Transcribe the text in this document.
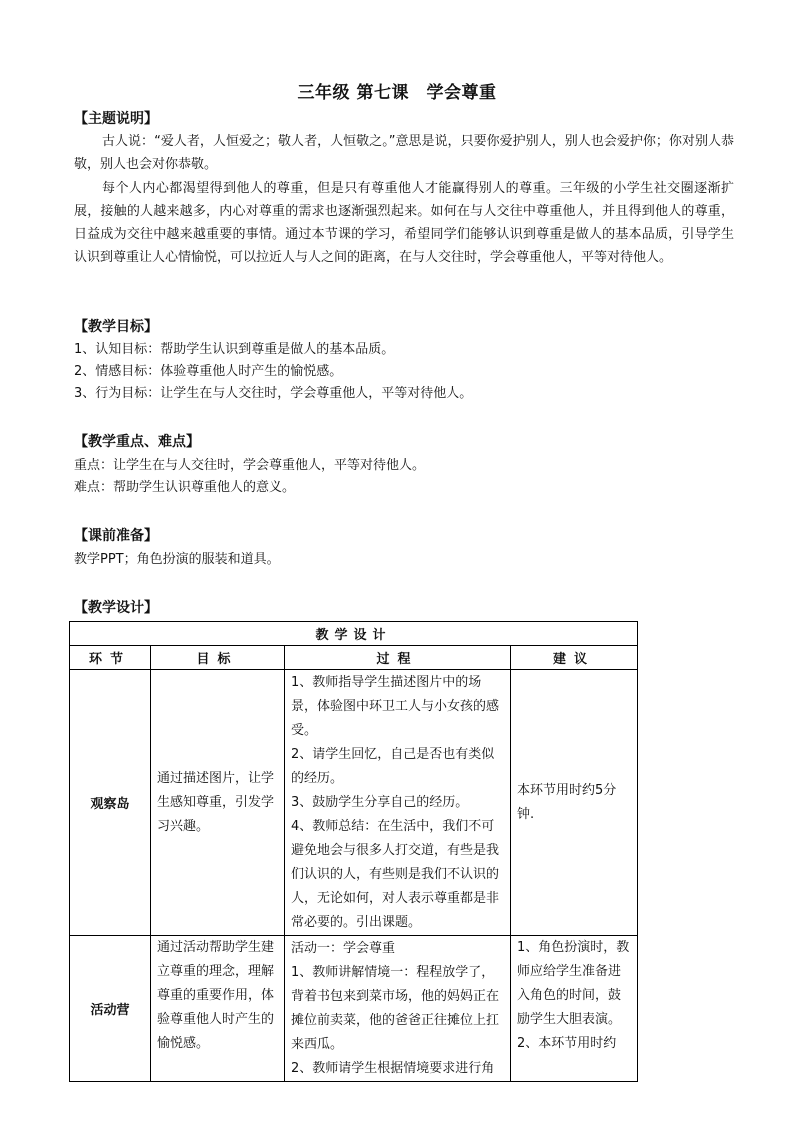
三年级 第七课　学会尊重
【主题说明】

古人说：“爱人者，人恒爱之；敬人者，人恒敬之。”意思是说，只要你爱护别人，别人也会爱护你；你对别人恭敬，别人也会对你恭敬。

每个人内心都渴望得到他人的尊重，但是只有尊重他人才能赢得别人的尊重。三年级的小学生社交圈逐渐扩展，接触的人越来越多，内心对尊重的需求也逐渐强烈起来。如何在与人交往中尊重他人，并且得到他人的尊重，日益成为交往中越来越重要的事情。通过本节课的学习，希望同学们能够认识到尊重是做人的基本品质，引导学生认识到尊重让人心情愉悦，可以拉近人与人之间的距离，在与人交往时，学会尊重他人，平等对待他人。

【教学目标】

1、认知目标：帮助学生认识到尊重是做人的基本品质。

2、情感目标：体验尊重他人时产生的愉悦感。

3、行为目标：让学生在与人交往时，学会尊重他人，平等对待他人。

【教学重点、难点】

重点：让学生在与人交往时，学会尊重他人，平等对待他人。

难点：帮助学生认识尊重他人的意义。

【课前准备】

教学PPT；角色扮演的服装和道具。

【教学设计】
教学设计			
环节	目标	过程	建议
观察岛	通过描述图片，让学生感知尊重，引发学习兴趣。	1、教师指导学生描述图片中的场景，体验图中环卫工人与小女孩的感受。
2、请学生回忆，自己是否也有类似的经历。
3、鼓励学生分享自己的经历。
4、教师总结：在生活中，我们不可避免地会与很多人打交道，有些是我们认识的人，有些则是我们不认识的人，无论如何，对人表示尊重都是非常必要的。引出课题。	本环节用时约5分钟.

活动营	通过活动帮助学生建立尊重的理念，理解尊重的重要作用，体验尊重他人时产生的愉悦感。	活动一：学会尊重
1、教师讲解情境一：程程放学了，背着书包来到菜市场，他的妈妈正在摊位前卖菜，他的爸爸正往摊位上扛来西瓜。
2、教师请学生根据情境要求进行角	1、角色扮演时，教师应给学生准备进入角色的时间，鼓励学生大胆表演。
2、本环节用时约
